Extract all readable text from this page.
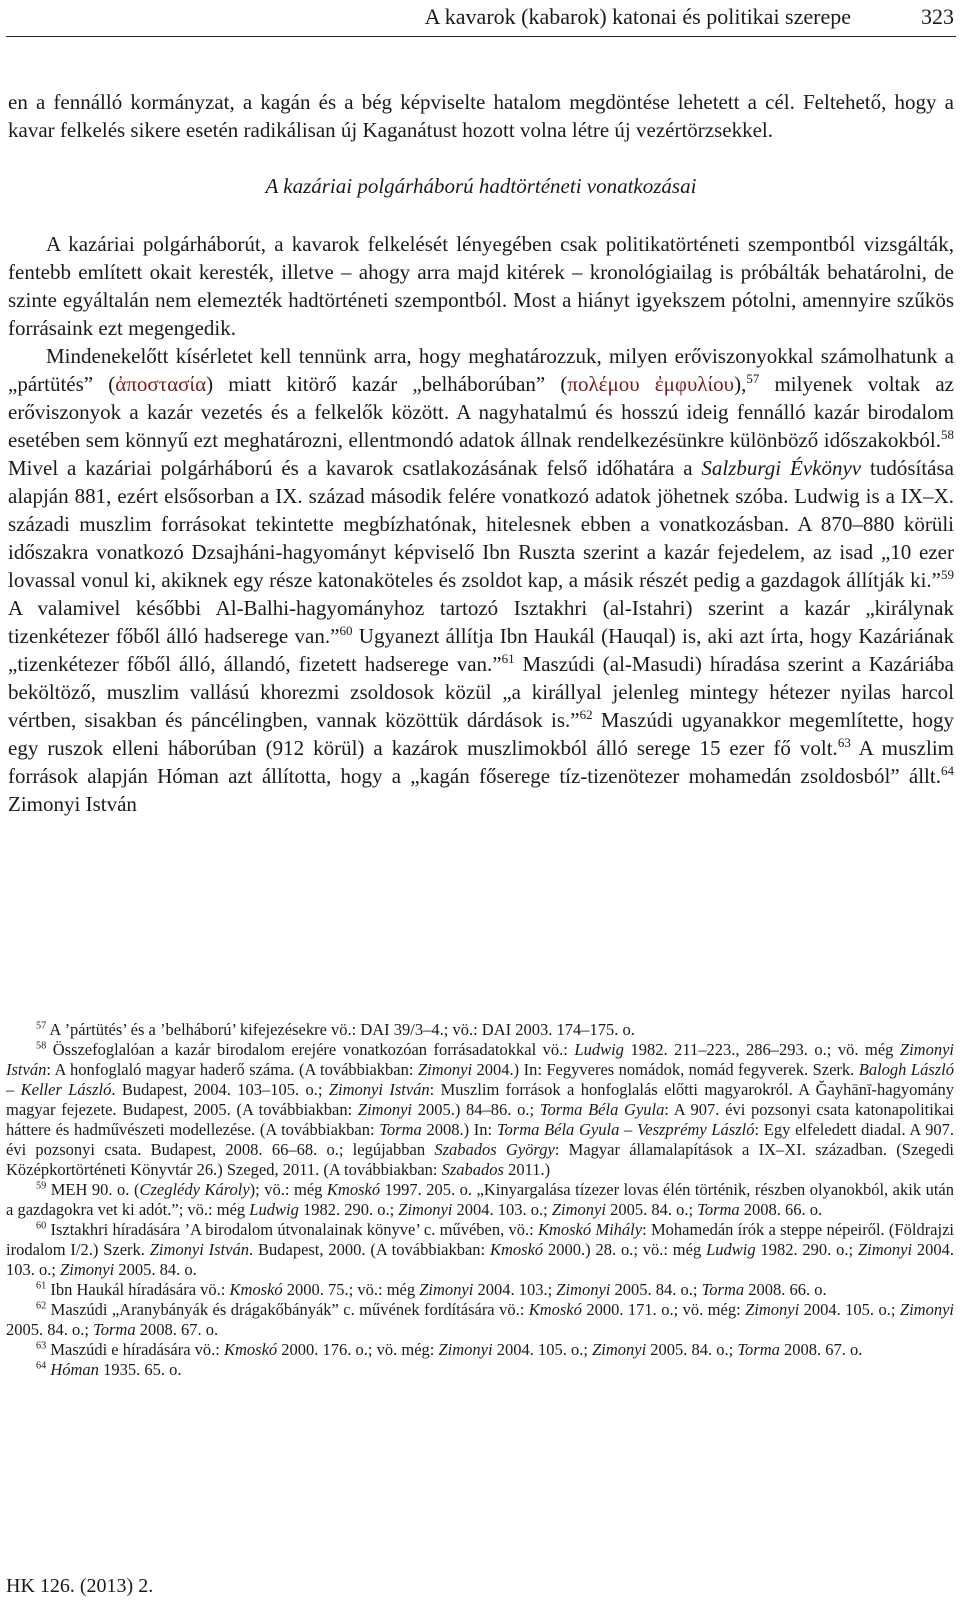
A kavarok (kabarok) katonai és politikai szerepe	323

en a fennálló kormányzat, a kagán és a bég képviselte hatalom megdöntése lehetett a cél. Feltehető, hogy a kavar felkelés sikere esetén radikálisan új Kaganátust hozott volna létre új vezértörzsekkel.

A kazáriai polgárháború hadtörténeti vonatkozásai

A kazáriai polgárháborút, a kavarok felkelését lényegében csak politikatörténeti szempontból vizsgálták, fentebb említett okait keresték, illetve – ahogy arra majd kitérek – kronológiailag is próbálták behatárolni, de szinte egyáltalán nem elemezték hadtörténeti szempontból. Most a hiányt igyekszem pótolni, amennyire szűkös forrásaink ezt megengedik.

Mindenekelőtt kísérletet kell tennünk arra, hogy meghatározzuk, milyen erőviszonyokkal számolhatunk a „pártütés” (ἀποστασία) miatt kitörő kazár „belháborúban” (πολέμου ἐμφυλίου),$^{57}$ milyenek voltak az erőviszonyok a kazár vezetés és a felkelők között. A nagyhatalmú és hosszú ideig fennálló kazár birodalom esetében sem könnyű ezt meghatározni, ellentmondó adatok állnak rendelkezésünkre különböző időszakokból.$^{58}$ Mivel a kazáriai polgárháború és a kavarok csatlakozásának felső időhatára a Salzburgi Évkönyv tudósítása alapján 881, ezért elsősorban a IX. század második felére vonatkozó adatok jöhetnek szóba. Ludwig is a IX–X. századi muszlim forrásokat tekintette megbízhatónak, hitelesnek ebben a vonatkozásban. A 870–880 körüli időszakra vonatkozó Dzsajháni-hagyományt képviselő Ibn Ruszta szerint a kazár fejedelem, az isad „10 ezer lovassal vonul ki, akiknek egy része katonaköteles és zsoldot kap, a másik részét pedig a gazdagok állítják ki.”$^{59}$ A valamivel későbbi Al-Balhi-hagyományhoz tartozó Isztakhri (al-Istahri) szerint a kazár „királynak tizenkétezer főből álló hadserege van.”$^{60}$ Ugyanezt állítja Ibn Haukál (Hauqal) is, aki azt írta, hogy Kazáriának „tizenkétezer főből álló, állandó, fizetett hadserege van.”$^{61}$ Maszúdi (al-Masudi) híradása szerint a Kazáriába beköltöző, muszlim vallású khorezmi zsoldosok közül „a királlyal jelenleg mintegy hétezer nyilas harcol vértben, sisakban és páncélingben, vannak közöttük dárdások is.”$^{62}$ Maszúdi ugyanakkor megemlítette, hogy egy ruszok elleni háborúban (912 körül) a kazárok muszlimokból álló serege 15 ezer fő volt.$^{63}$ A muszlim források alapján Hóman azt állította, hogy a „kagán főserege tíz-tizenötezer mohamedán zsoldosból” állt.$^{64}$ Zimonyi István

$^{57}$ A ’pártütés’ és a ’belháború’ kifejezésekre vö.: DAI 39/3–4.; vö.: DAI 2003. 174–175. o.

$^{58}$ Összefoglalóan a kazár birodalom erejére vonatkozóan forrásadatokkal vö.: Ludwig 1982. 211–223., 286–293. o.; vö. még Zimonyi István: A honfoglaló magyar haderő száma. (A továbbiakban: Zimonyi 2004.) In: Fegyveres nomádok, nomád fegyverek. Szerk. Balogh László – Keller László. Budapest, 2004. 103–105. o.; Zimonyi István: Muszlim források a honfoglalás előtti magyarokról. A Ğayhānī-hagyomány magyar fejezete. Budapest, 2005. (A továbbiakban: Zimonyi 2005.) 84–86. o.; Torma Béla Gyula: A 907. évi pozsonyi csata katonapolitikai háttere és hadművészeti modellezése. (A továbbiakban: Torma 2008.) In: Torma Béla Gyula – Veszprémy László: Egy elfeledett diadal. A 907. évi pozsonyi csata. Budapest, 2008. 66–68. o.; legújabban Szabados György: Magyar államalapítások a IX–XI. században. (Szegedi Középkortörténeti Könyvtár 26.) Szeged, 2011. (A továbbiakban: Szabados 2011.)

$^{59}$ MEH 90. o. (Czeglédy Károly); vö.: még Kmoskó 1997. 205. o. „Kinyargalása tízezer lovas élén történik, részben olyanokból, akik után a gazdagokra vet ki adót.”; vö.: még Ludwig 1982. 290. o.; Zimonyi 2004. 103. o.; Zimonyi 2005. 84. o.; Torma 2008. 66. o.

$^{60}$ Isztakhri híradására ’A birodalom útvonalainak könyve’ c. művében, vö.: Kmoskó Mihály: Mohamedán írók a steppe népeiről. (Földrajzi irodalom I/2.) Szerk. Zimonyi István. Budapest, 2000. (A továbbiakban: Kmoskó 2000.) 28. o.; vö.: még Ludwig 1982. 290. o.; Zimonyi 2004. 103. o.; Zimonyi 2005. 84. o.

$^{61}$ Ibn Haukál híradására vö.: Kmoskó 2000. 75.; vö.: még Zimonyi 2004. 103.; Zimonyi 2005. 84. o.; Torma 2008. 66. o.

$^{62}$ Maszúdi „Aranybányák és drágakőbányák” c. művének fordítására vö.: Kmoskó 2000. 171. o.; vö. még: Zimonyi 2004. 105. o.; Zimonyi 2005. 84. o.; Torma 2008. 67. o.

$^{63}$ Maszúdi e híradására vö.: Kmoskó 2000. 176. o.; vö. még: Zimonyi 2004. 105. o.; Zimonyi 2005. 84. o.; Torma 2008. 67. o.

$^{64}$ Hóman 1935. 65. o.

HK 126. (2013) 2.
